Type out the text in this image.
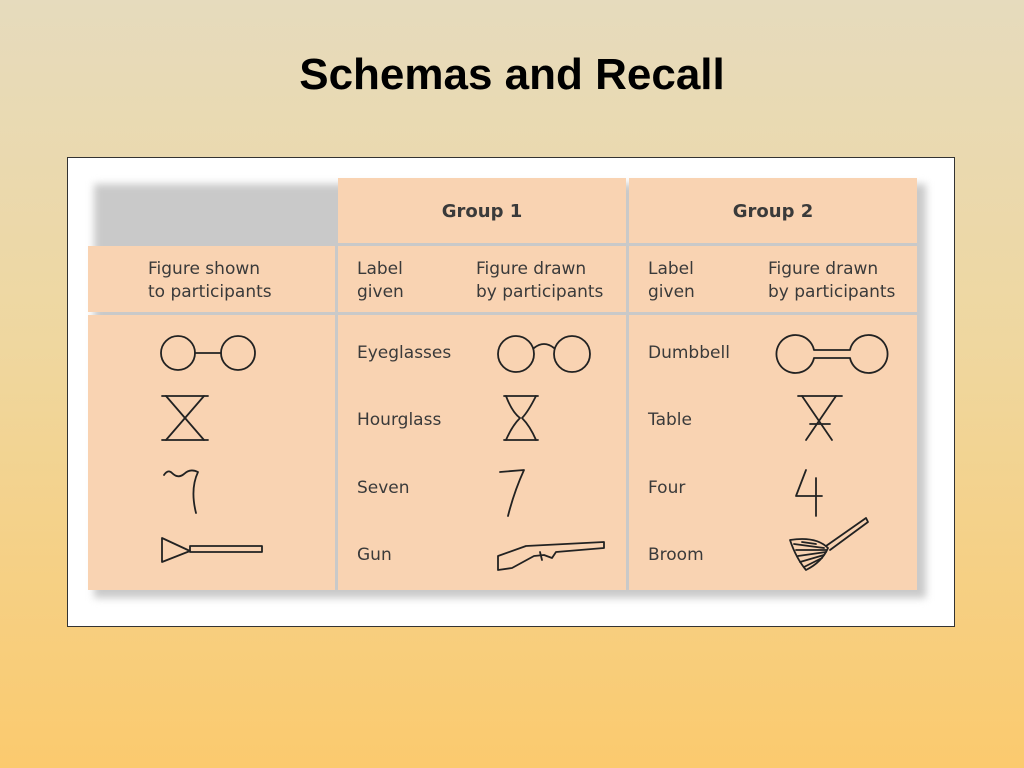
Schemas and Recall
Group 1	Group 2
Figure shown
to participants
Label
given
Figure drawn
by participants
Label
given
Figure drawn
by participants
Eyeglasses
Hourglass
Seven
Gun
Dumbbell
Table
Four
Broom
